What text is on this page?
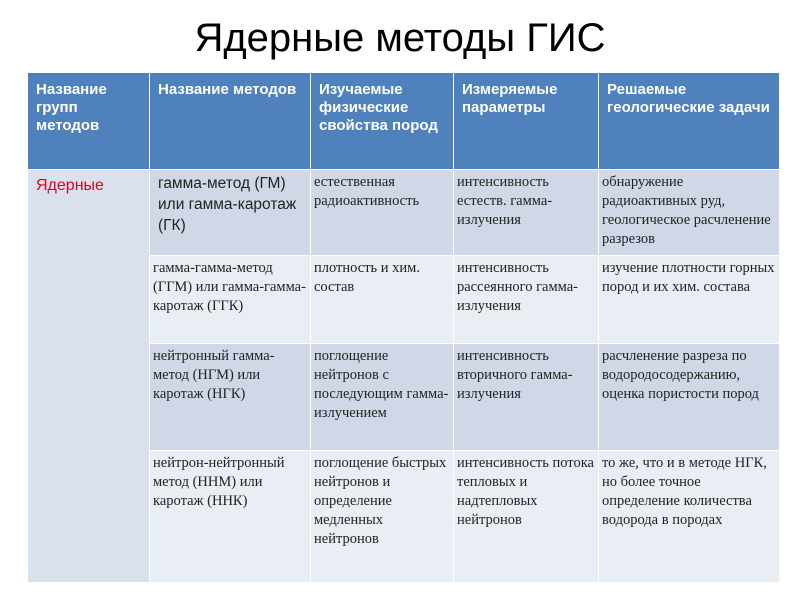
Ядерные методы ГИС
Название групп методов	Название методов	Изучаемые физические свойства пород	Измеряемые параметры	Решаемые геологические задачи
Ядерные	гамма-метод (ГМ) или гамма-каротаж (ГК)	естественная радиоактивность	интенсивность естеств. гамма-излучения	обнаружение радиоактивных руд, геологическое расчленение разрезов
	гамма-гамма-метод (ГГМ) или гамма-гамма-каротаж (ГГК)	плотность и хим. состав	интенсивность рассеянного гамма-излучения	изучение плотности горных пород и их хим. состава
	нейтронный гамма-метод (НГМ) или каротаж (НГК)	поглощение нейтронов с последующим гамма-излучением	интенсивность вторичного гамма-излучения	расчленение разреза по водородосодержанию, оценка пористости пород
	нейтрон-нейтронный метод (ННМ) или каротаж (ННК)	поглощение быстрых нейтронов и определение медленных нейтронов	интенсивность потока тепловых и надтепловых нейтронов	то же, что и в методе НГК, но более точное определение количества водорода в породах
